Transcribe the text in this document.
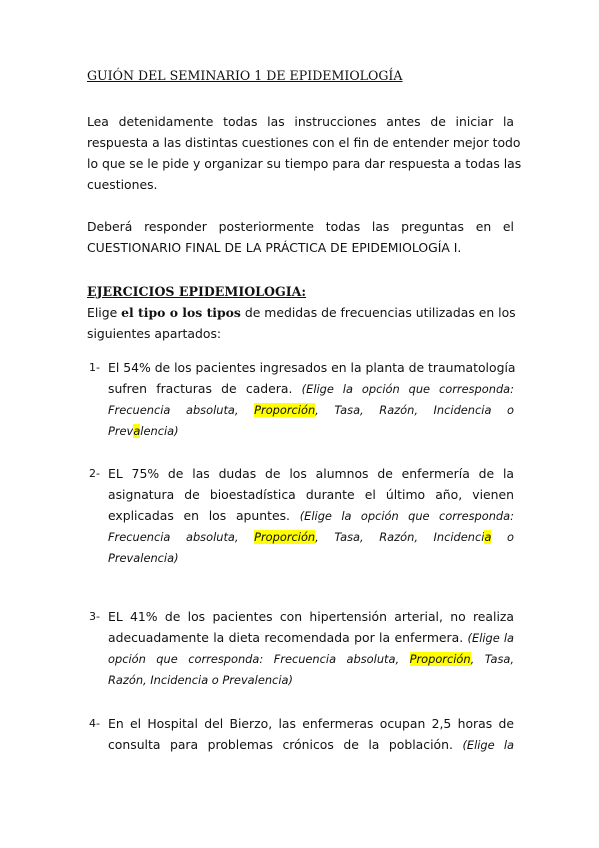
GUIÓN DEL SEMINARIO 1 DE EPIDEMIOLOGÍA
Lea detenidamente todas las instrucciones antes de iniciar la
respuesta a las distintas cuestiones con el fin de entender mejor todo
lo que se le pide y organizar su tiempo para dar respuesta a todas las
cuestiones.
Deberá responder posteriormente todas las preguntas en el
CUESTIONARIO FINAL DE LA PRÁCTICA DE EPIDEMIOLOGÍA I.
EJERCICIOS EPIDEMIOLOGIA:
Elige el tipo o los tipos de medidas de frecuencias utilizadas en los
siguientes apartados:
1- El 54% de los pacientes ingresados en la planta de traumatología
sufren fracturas de cadera. (Elige la opción que corresponda:
Frecuencia absoluta, Proporción, Tasa, Razón, Incidencia o
Prevalencia)
2- EL 75% de las dudas de los alumnos de enfermería de la
asignatura de bioestadística durante el último año, vienen
explicadas en los apuntes. (Elige la opción que corresponda:
Frecuencia absoluta, Proporción, Tasa, Razón, Incidencia o
Prevalencia)
3- EL 41% de los pacientes con hipertensión arterial, no realiza
adecuadamente la dieta recomendada por la enfermera. (Elige la
opción que corresponda: Frecuencia absoluta, Proporción, Tasa,
Razón, Incidencia o Prevalencia)
4- En el Hospital del Bierzo, las enfermeras ocupan 2,5 horas de
consulta para problemas crónicos de la población. (Elige la
